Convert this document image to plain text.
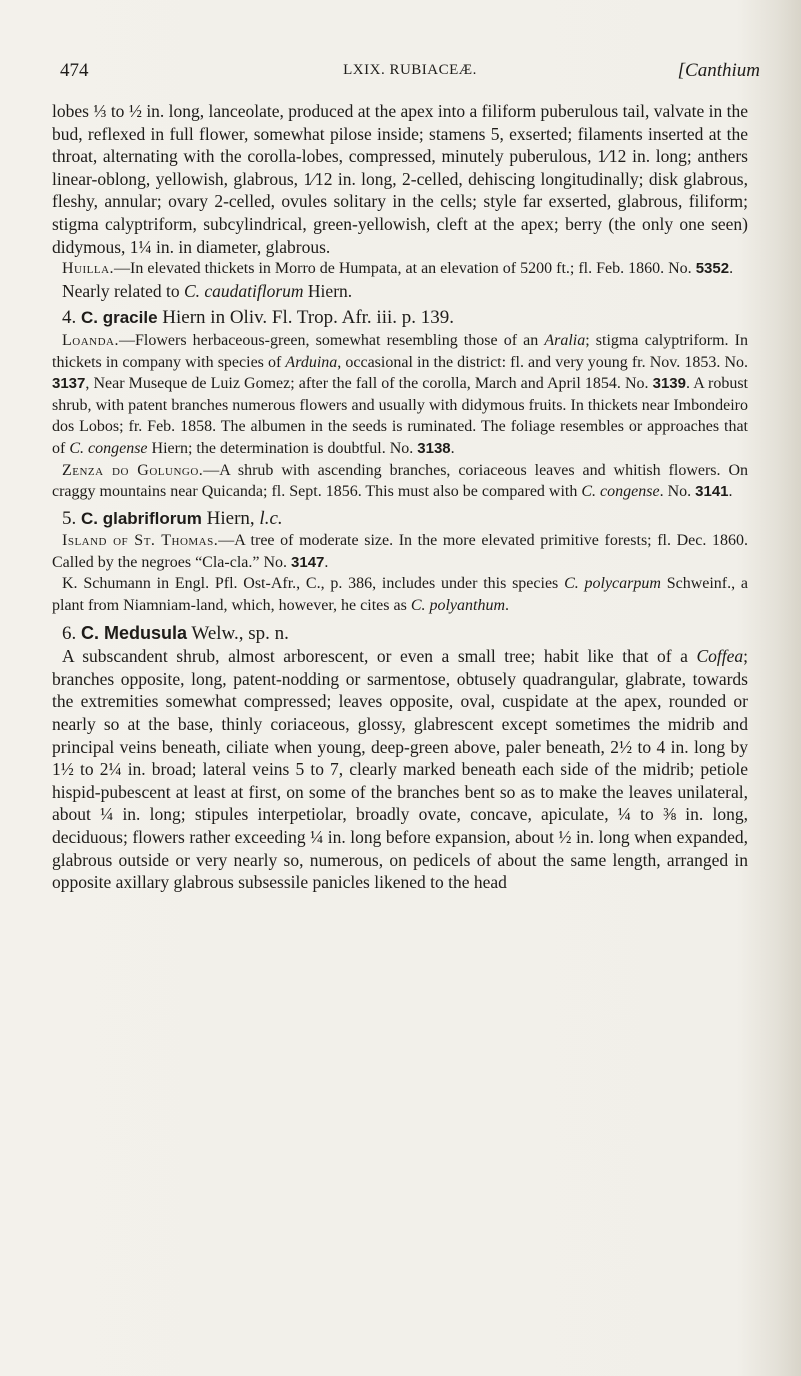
474	LXIX. RUBIACEÆ.	[Canthium

lobes ⅓ to ½ in. long, lanceolate, produced at the apex into a filiform puberulous tail, valvate in the bud, reflexed in full flower, somewhat pilose inside; stamens 5, exserted; filaments inserted at the throat, alternating with the corolla-lobes, compressed, minutely puberulous, 1⁄12 in. long; anthers linear-oblong, yellowish, glabrous, 1⁄12 in. long, 2-celled, dehiscing longitudinally; disk glabrous, fleshy, annular; ovary 2-celled, ovules solitary in the cells; style far exserted, glabrous, filiform; stigma calyptriform, subcylindrical, green-yellowish, cleft at the apex; berry (the only one seen) didymous, 1¼ in. in diameter, glabrous.

Huilla.—In elevated thickets in Morro de Humpata, at an elevation of 5200 ft.; fl. Feb. 1860. No. 5352.

Nearly related to C. caudatiflorum Hiern.

4. C. gracile Hiern in Oliv. Fl. Trop. Afr. iii. p. 139.

Loanda.—Flowers herbaceous-green, somewhat resembling those of an Aralia; stigma calyptriform. In thickets in company with species of Arduina, occasional in the district: fl. and very young fr. Nov. 1853. No. 3137, Near Museque de Luiz Gomez; after the fall of the corolla, March and April 1854. No. 3139. A robust shrub, with patent branches numerous flowers and usually with didymous fruits. In thickets near Imbondeiro dos Lobos; fr. Feb. 1858. The albumen in the seeds is ruminated. The foliage resembles or approaches that of C. congense Hiern; the determination is doubtful. No. 3138.

Zenza do Golungo.—A shrub with ascending branches, coriaceous leaves and whitish flowers. On craggy mountains near Quicanda; fl. Sept. 1856. This must also be compared with C. congense. No. 3141.

5. C. glabriflorum Hiern, l.c.

Island of St. Thomas.—A tree of moderate size. In the more elevated primitive forests; fl. Dec. 1860. Called by the negroes “Cla-cla.” No. 3147.

K. Schumann in Engl. Pfl. Ost-Afr., C., p. 386, includes under this species C. polycarpum Schweinf., a plant from Niamniam-land, which, however, he cites as C. polyanthum.

6. C. Medusula Welw., sp. n.

A subscandent shrub, almost arborescent, or even a small tree; habit like that of a Coffea; branches opposite, long, patent-nodding or sarmentose, obtusely quadrangular, glabrate, towards the extremities somewhat compressed; leaves opposite, oval, cuspidate at the apex, rounded or nearly so at the base, thinly coriaceous, glossy, glabrescent except sometimes the midrib and principal veins beneath, ciliate when young, deep-green above, paler beneath, 2½ to 4 in. long by 1½ to 2¼ in. broad; lateral veins 5 to 7, clearly marked beneath each side of the midrib; petiole hispid-pubescent at least at first, on some of the branches bent so as to make the leaves unilateral, about ¼ in. long; stipules interpetiolar, broadly ovate, concave, apiculate, ¼ to ⅜ in. long, deciduous; flowers rather exceeding ¼ in. long before expansion, about ½ in. long when expanded, glabrous outside or very nearly so, numerous, on pedicels of about the same length, arranged in opposite axillary glabrous subsessile panicles likened to the head
